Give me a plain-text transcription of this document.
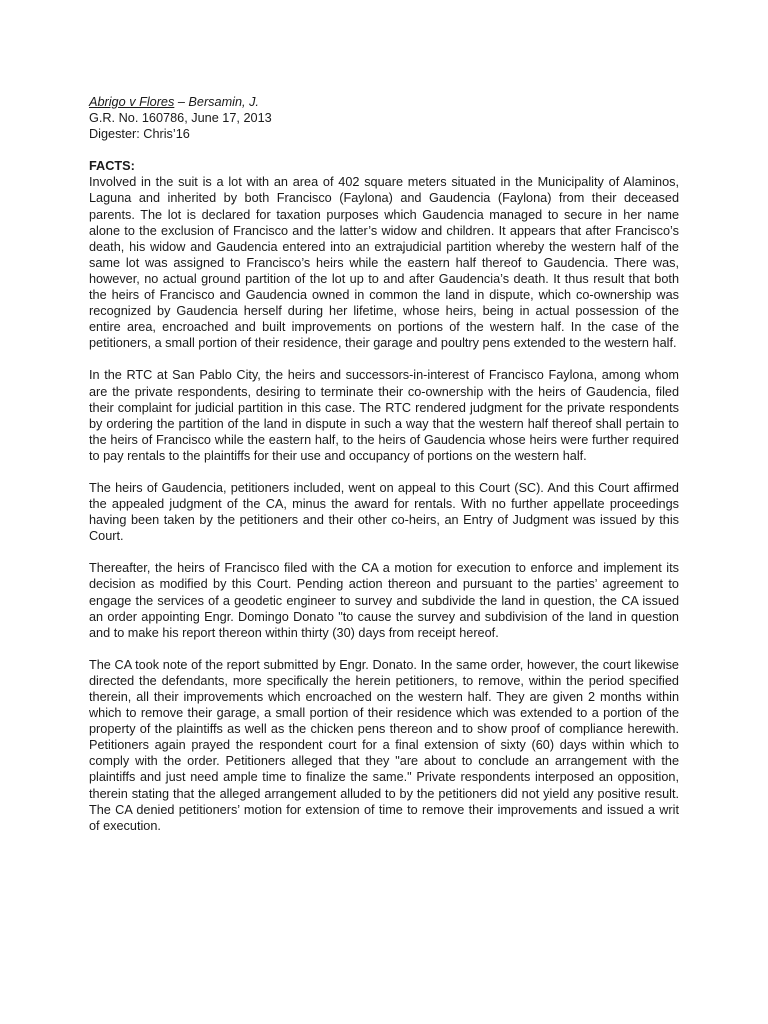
Abrigo v Flores – Bersamin, J.

G.R. No. 160786, June 17, 2013

Digester: Chris’16

FACTS:

Involved in the suit is a lot with an area of 402 square meters situated in the Municipality of Alaminos, Laguna and inherited by both Francisco (Faylona) and Gaudencia (Faylona) from their deceased parents. The lot is declared for taxation purposes which Gaudencia managed to secure in her name alone to the exclusion of Francisco and the latter’s widow and children. It appears that after Francisco’s death, his widow and Gaudencia entered into an extrajudicial partition whereby the western half of the same lot was assigned to Francisco’s heirs while the eastern half thereof to Gaudencia. There was, however, no actual ground partition of the lot up to and after Gaudencia’s death. It thus result that both the heirs of Francisco and Gaudencia owned in common the land in dispute, which co-ownership was recognized by Gaudencia herself during her lifetime, whose heirs, being in actual possession of the entire area, encroached and built improvements on portions of the western half. In the case of the petitioners, a small portion of their residence, their garage and poultry pens extended to the western half.

In the RTC at San Pablo City, the heirs and successors-in-interest of Francisco Faylona, among whom are the private respondents, desiring to terminate their co-ownership with the heirs of Gaudencia, filed their complaint for judicial partition in this case. The RTC rendered judgment for the private respondents by ordering the partition of the land in dispute in such a way that the western half thereof shall pertain to the heirs of Francisco while the eastern half, to the heirs of Gaudencia whose heirs were further required to pay rentals to the plaintiffs for their use and occupancy of portions on the western half.

The heirs of Gaudencia, petitioners included, went on appeal to this Court (SC). And this Court affirmed the appealed judgment of the CA, minus the award for rentals. With no further appellate proceedings having been taken by the petitioners and their other co-heirs, an Entry of Judgment was issued by this Court.

Thereafter, the heirs of Francisco filed with the CA a motion for execution to enforce and implement its decision as modified by this Court. Pending action thereon and pursuant to the parties’ agreement to engage the services of a geodetic engineer to survey and subdivide the land in question, the CA issued an order appointing Engr. Domingo Donato "to cause the survey and subdivision of the land in question and to make his report thereon within thirty (30) days from receipt hereof.

The CA took note of the report submitted by Engr. Donato. In the same order, however, the court likewise directed the defendants, more specifically the herein petitioners, to remove, within the period specified therein, all their improvements which encroached on the western half. They are given 2 months within which to remove their garage, a small portion of their residence which was extended to a portion of the property of the plaintiffs as well as the chicken pens thereon and to show proof of compliance herewith. Petitioners again prayed the respondent court for a final extension of sixty (60) days within which to comply with the order. Petitioners alleged that they "are about to conclude an arrangement with the plaintiffs and just need ample time to finalize the same." Private respondents interposed an opposition, therein stating that the alleged arrangement alluded to by the petitioners did not yield any positive result. The CA denied petitioners’ motion for extension of time to remove their improvements and issued a writ of execution.
